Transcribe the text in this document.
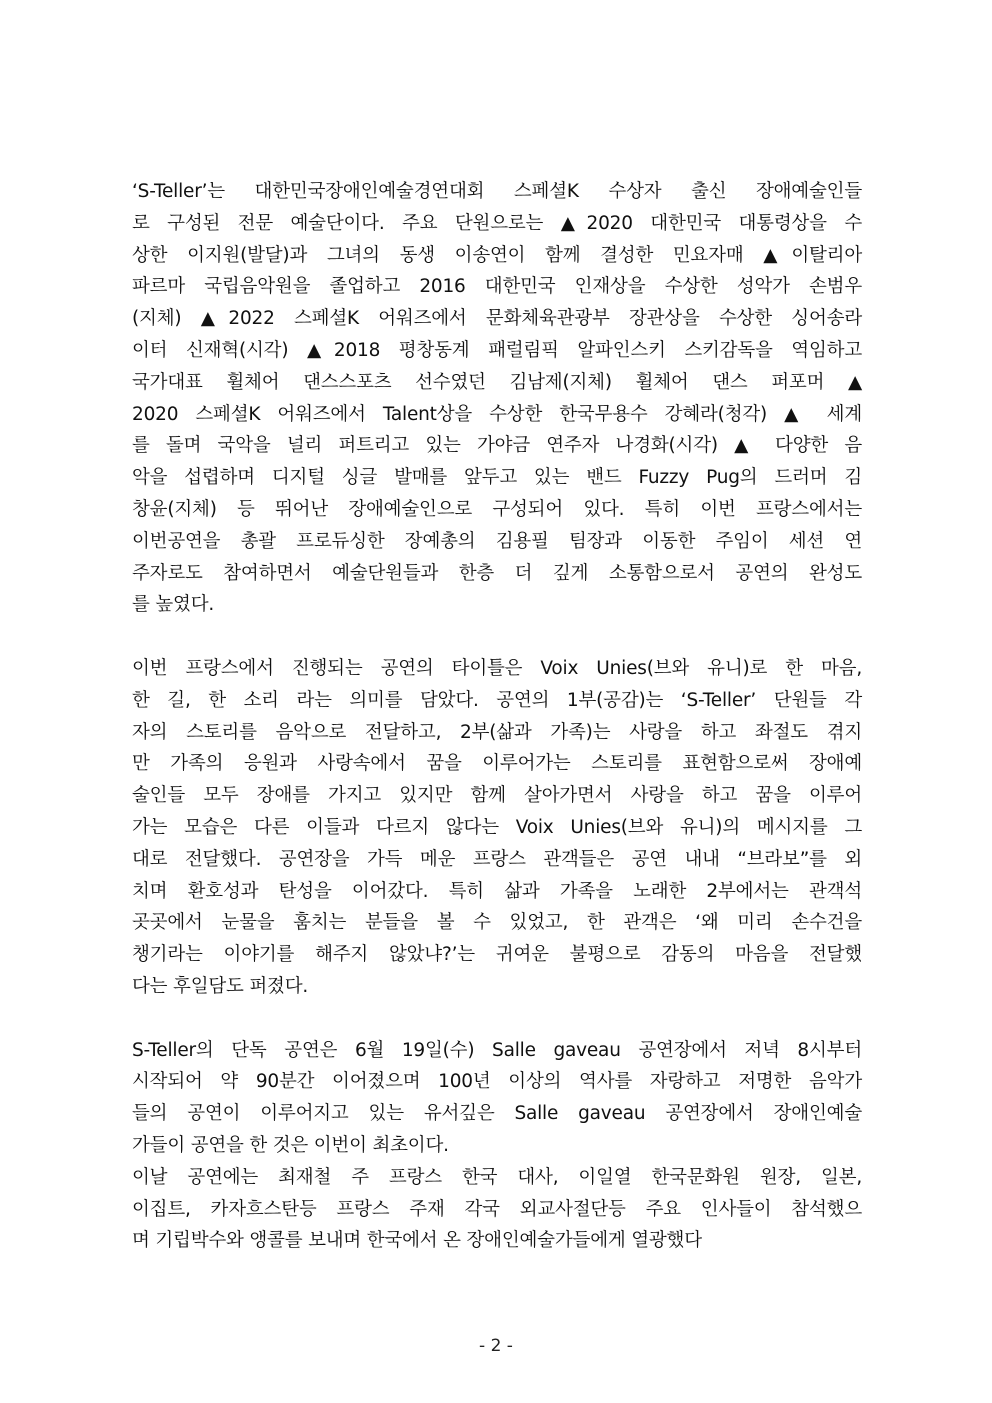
‘S-Teller’는 대한민국장애인예술경연대회 스페셜K 수상자 출신 장애예술인들
로 구성된 전문 예술단이다. 주요 단원으로는 ▲2020 대한민국 대통령상을 수
상한 이지원(발달)과 그녀의 동생 이송연이 함께 결성한 민요자매 ▲이탈리아
파르마 국립음악원을 졸업하고 2016 대한민국 인재상을 수상한 성악가 손범우
(지체) ▲2022 스페셜K 어워즈에서 문화체육관광부 장관상을 수상한 싱어송라
이터 신재혁(시각) ▲2018 평창동계 패럴림픽 알파인스키 스키감독을 역임하고
국가대표 휠체어 댄스스포츠 선수였던 김남제(지체) 휠체어 댄스 퍼포머 ▲
2020 스페셜K 어워즈에서 Talent상을 수상한 한국무용수 강혜라(청각) ▲ 세계
를 돌며 국악을 널리 퍼트리고 있는 가야금 연주자 나경화(시각) ▲ 다양한 음
악을 섭렵하며 디지털 싱글 발매를 앞두고 있는 밴드 Fuzzy Pug의 드러머 김
창윤(지체) 등 뛰어난 장애예술인으로 구성되어 있다. 특히 이번 프랑스에서는
이번공연을 총괄 프로듀싱한 장예총의 김용필 팀장과 이동한 주임이 세션 연
주자로도 참여하면서 예술단원들과 한층 더 깊게 소통함으로서 공연의 완성도
를 높였다.
이번 프랑스에서 진행되는 공연의 타이틀은 Voix Unies(브와 유니)로 한 마음,
한 길, 한 소리 라는 의미를 담았다. 공연의 1부(공감)는 ‘S-Teller’ 단원들 각
자의 스토리를 음악으로 전달하고, 2부(삶과 가족)는 사랑을 하고 좌절도 겪지
만 가족의 응원과 사랑속에서 꿈을 이루어가는 스토리를 표현함으로써 장애예
술인들 모두 장애를 가지고 있지만 함께 살아가면서 사랑을 하고 꿈을 이루어
가는 모습은 다른 이들과 다르지 않다는 Voix Unies(브와 유니)의 메시지를 그
대로 전달했다. 공연장을 가득 메운 프랑스 관객들은 공연 내내 “브라보”를 외
치며 환호성과 탄성을 이어갔다. 특히 삶과 가족을 노래한 2부에서는 관객석
곳곳에서 눈물을 훔치는 분들을 볼 수 있었고, 한 관객은 ‘왜 미리 손수건을
챙기라는 이야기를 해주지 않았냐?’는 귀여운 불평으로 감동의 마음을 전달했
다는 후일담도 퍼졌다.
S-Teller의 단독 공연은 6월 19일(수) Salle gaveau 공연장에서 저녁 8시부터
시작되어 약 90분간 이어졌으며 100년 이상의 역사를 자랑하고 저명한 음악가
들의 공연이 이루어지고 있는 유서깊은 Salle gaveau 공연장에서 장애인예술
가들이 공연을 한 것은 이번이 최초이다.
이날 공연에는 최재철 주 프랑스 한국 대사, 이일열 한국문화원 원장, 일본,
이집트, 카자흐스탄등 프랑스 주재 각국 외교사절단등 주요 인사들이 참석했으
며 기립박수와 앵콜를 보내며 한국에서 온 장애인예술가들에게 열광했다
- 2 -
